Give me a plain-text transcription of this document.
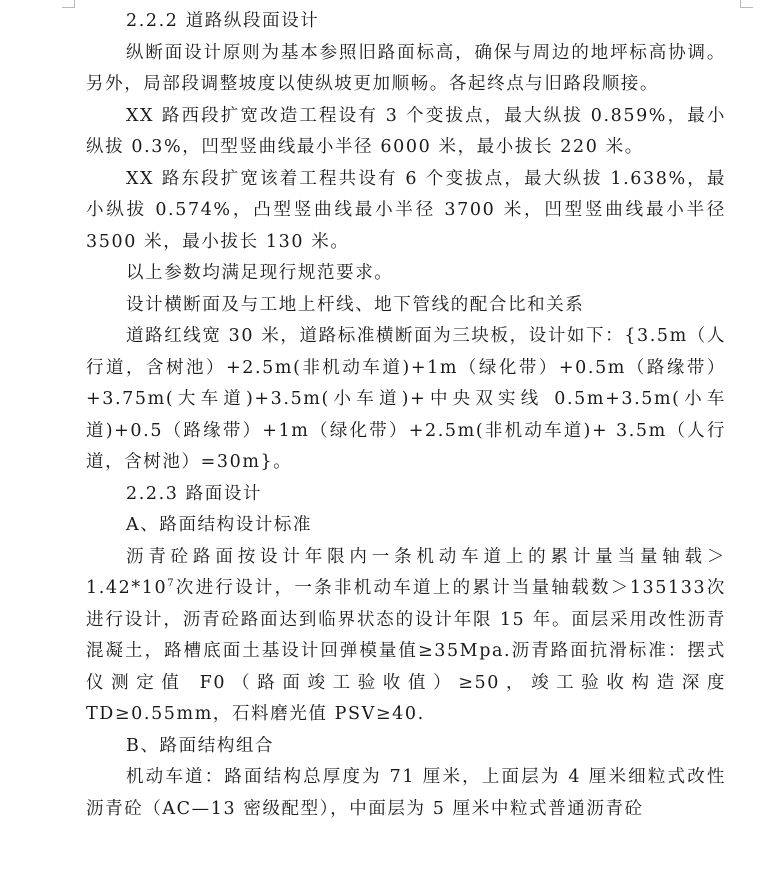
2.2.2 道路纵段面设计

纵断面设计原则为基本参照旧路面标高，确保与周边的地坪标高协调。另外，局部段调整坡度以使纵坡更加顺畅。各起终点与旧路段顺接。

XX 路西段扩宽改造工程设有 3 个变拔点，最大纵拔 0.859%，最小纵拔 0.3%，凹型竖曲线最小半径 6000 米，最小拔长 220 米。

XX 路东段扩宽该着工程共设有 6 个变拔点，最大纵拔 1.638%，最小纵拔 0.574%，凸型竖曲线最小半径 3700 米，凹型竖曲线最小半径 3500 米，最小拔长 130 米。

以上参数均满足现行规范要求。

设计横断面及与工地上杆线、地下管线的配合比和关系

道路红线宽 30 米，道路标准横断面为三块板，设计如下：{3.5m（人行道，含树池）+2.5m(非机动车道)+1m（绿化带）+0.5m（路缘带）+3.75m(大车道)+3.5m(小车道)+中央双实线 0.5m+3.5m(小车道)+0.5（路缘带）+1m（绿化带）+2.5m(非机动车道)+ 3.5m（人行道，含树池）=30m}。

2.2.3 路面设计

A、路面结构设计标准

沥青砼路面按设计年限内一条机动车道上的累计量当量轴载$>1.42*10^7$次进行设计，一条非机动车道上的累计当量轴载数＞135133次进行设计，沥青砼路面达到临界状态的设计年限 15 年。面层采用改性沥青混凝土，路槽底面土基设计回弹模量值≥35Mpa.沥青路面抗滑标准：摆式仪测定值 F0（路面竣工验收值）≥50，竣工验收构造深度 TD≥0.55mm，石料磨光值 PSV≥40.

B、路面结构组合

机动车道：路面结构总厚度为 71 厘米，上面层为 4 厘米细粒式改性沥青砼（AC—13 密级配型），中面层为 5 厘米中粒式普通沥青砼
